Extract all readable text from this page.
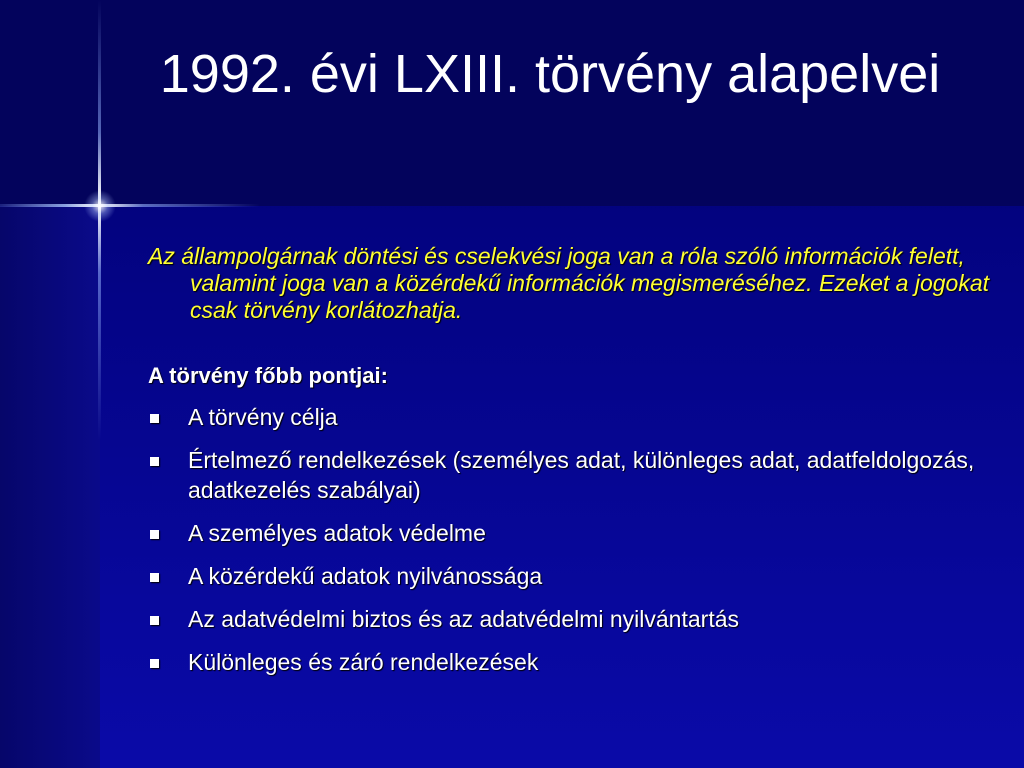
1992. évi LXIII. törvény alapelvei

Az állampolgárnak döntési és cselekvési joga van a róla szóló információk felett, valamint joga van a közérdekű információk megismeréséhez. Ezeket a jogokat csak törvény korlátozhatja.

A törvény főbb pontjai:

A törvény célja
Értelmező rendelkezések (személyes adat, különleges adat, adatfeldolgozás, adatkezelés szabályai)
A személyes adatok védelme
A közérdekű adatok nyilvánossága
Az adatvédelmi biztos és az adatvédelmi nyilvántartás
Különleges és záró rendelkezések
